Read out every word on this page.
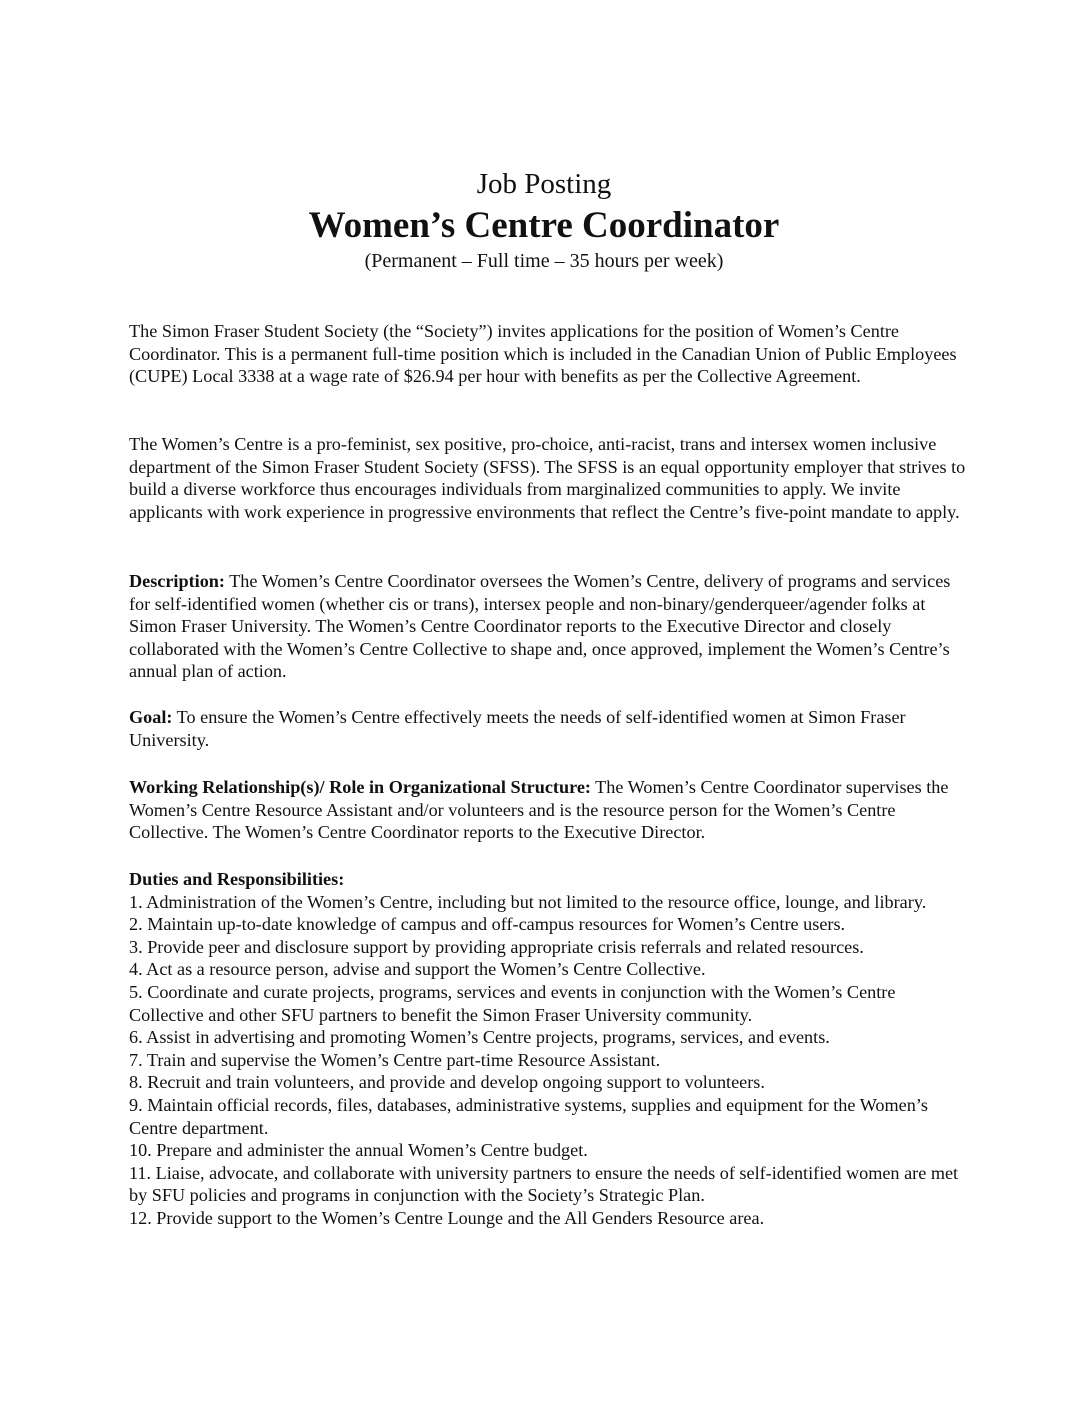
Job Posting
Women’s Centre Coordinator
(Permanent – Full time – 35 hours per week)

The Simon Fraser Student Society (the “Society”) invites applications for the position of Women’s Centre Coordinator. This is a permanent full-time position which is included in the Canadian Union of Public Employees (CUPE) Local 3338 at a wage rate of $26.94 per hour with benefits as per the Collective Agreement.

The Women’s Centre is a pro-feminist, sex positive, pro-choice, anti-racist, trans and intersex women inclusive department of the Simon Fraser Student Society (SFSS). The SFSS is an equal opportunity employer that strives to build a diverse workforce thus encourages individuals from marginalized communities to apply. We invite applicants with work experience in progressive environments that reflect the Centre’s five-point mandate to apply.

Description: The Women’s Centre Coordinator oversees the Women’s Centre, delivery of programs and services for self-identified women (whether cis or trans), intersex people and non-binary/genderqueer/agender folks at Simon Fraser University. The Women’s Centre Coordinator reports to the Executive Director and closely collaborated with the Women’s Centre Collective to shape and, once approved, implement the Women’s Centre’s annual plan of action.

Goal: To ensure the Women’s Centre effectively meets the needs of self-identified women at Simon Fraser University.

Working Relationship(s)/ Role in Organizational Structure: The Women’s Centre Coordinator supervises the Women’s Centre Resource Assistant and/or volunteers and is the resource person for the Women’s Centre Collective. The Women’s Centre Coordinator reports to the Executive Director.

Duties and Responsibilities:

1. Administration of the Women’s Centre, including but not limited to the resource office, lounge, and library.
2. Maintain up-to-date knowledge of campus and off-campus resources for Women’s Centre users.
3. Provide peer and disclosure support by providing appropriate crisis referrals and related resources.
4. Act as a resource person, advise and support the Women’s Centre Collective.
5. Coordinate and curate projects, programs, services and events in conjunction with the Women’s Centre Collective and other SFU partners to benefit the Simon Fraser University community.
6. Assist in advertising and promoting Women’s Centre projects, programs, services, and events.
7. Train and supervise the Women’s Centre part-time Resource Assistant.
8. Recruit and train volunteers, and provide and develop ongoing support to volunteers.
9. Maintain official records, files, databases, administrative systems, supplies and equipment for the Women’s Centre department.
10. Prepare and administer the annual Women’s Centre budget.
11. Liaise, advocate, and collaborate with university partners to ensure the needs of self-identified women are met by SFU policies and programs in conjunction with the Society’s Strategic Plan.
12. Provide support to the Women’s Centre Lounge and the All Genders Resource area.
